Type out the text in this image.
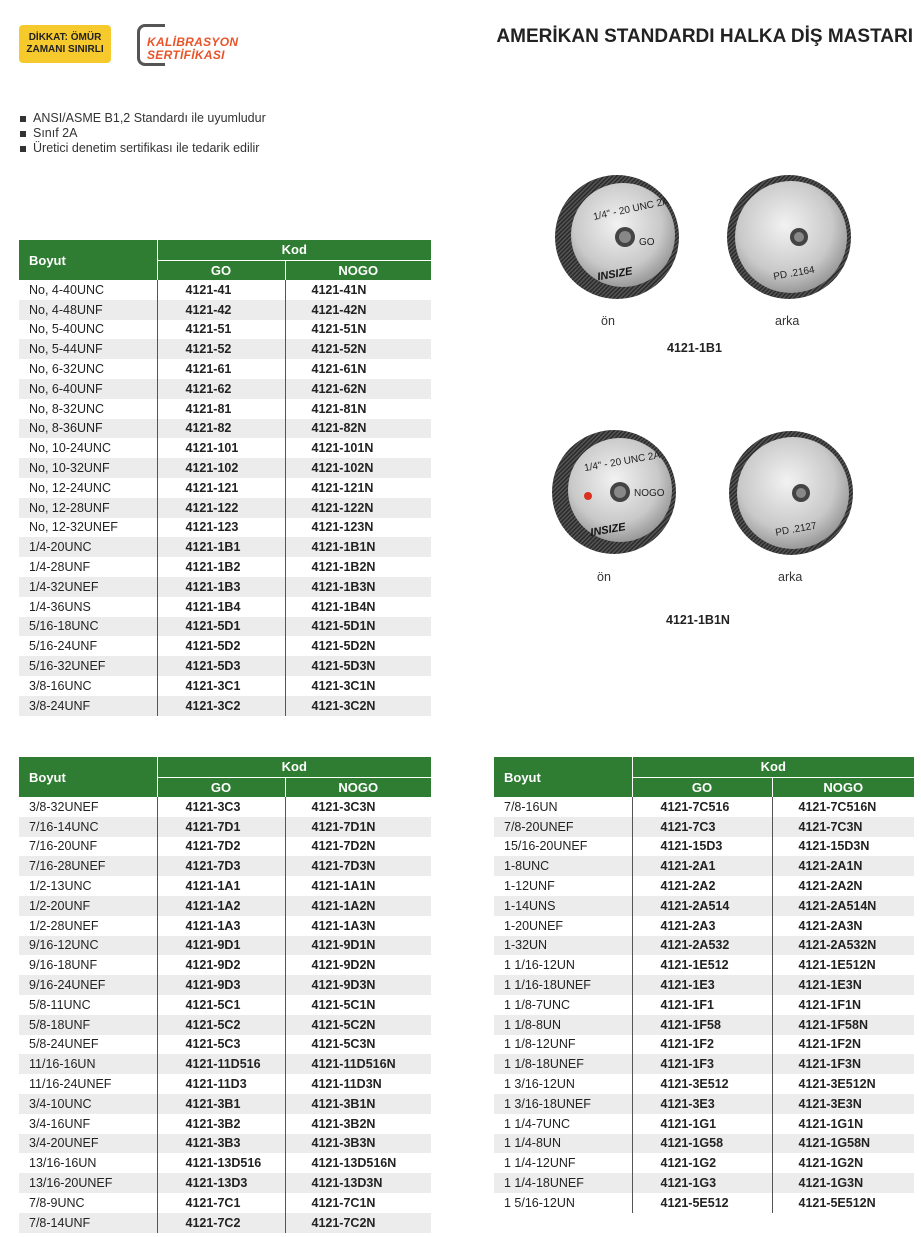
DİKKAT: ÖMÜR
ZAMANI SINIRLI
KALİBRASYON
SERTİFİKASI
AMERİKAN STANDARDI HALKA DİŞ MASTARI
ANSI/ASME B1,2 Standardı ile uyumludur
Sınıf 2A
Üretici denetim sertifikası ile tedarik edilir
Boyut	Kod	
	GO	NOGO
No, 4-40UNC	4121-41	4121-41N
No, 4-48UNF	4121-42	4121-42N
No, 5-40UNC	4121-51	4121-51N
No, 5-44UNF	4121-52	4121-52N
No, 6-32UNC	4121-61	4121-61N
No, 6-40UNF	4121-62	4121-62N
No, 8-32UNC	4121-81	4121-81N
No, 8-36UNF	4121-82	4121-82N
No, 10-24UNC	4121-101	4121-101N
No, 10-32UNF	4121-102	4121-102N
No, 12-24UNC	4121-121	4121-121N
No, 12-28UNF	4121-122	4121-122N
No, 12-32UNEF	4121-123	4121-123N
1/4-20UNC	4121-1B1	4121-1B1N
1/4-28UNF	4121-1B2	4121-1B2N
1/4-32UNEF	4121-1B3	4121-1B3N
1/4-36UNS	4121-1B4	4121-1B4N
5/16-18UNC	4121-5D1	4121-5D1N
5/16-24UNF	4121-5D2	4121-5D2N
5/16-32UNEF	4121-5D3	4121-5D3N
3/8-16UNC	4121-3C1	4121-3C1N
3/8-24UNF	4121-3C2	4121-3C2N
Boyut	Kod	
	GO	NOGO
3/8-32UNEF	4121-3C3	4121-3C3N
7/16-14UNC	4121-7D1	4121-7D1N
7/16-20UNF	4121-7D2	4121-7D2N
7/16-28UNEF	4121-7D3	4121-7D3N
1/2-13UNC	4121-1A1	4121-1A1N
1/2-20UNF	4121-1A2	4121-1A2N
1/2-28UNEF	4121-1A3	4121-1A3N
9/16-12UNC	4121-9D1	4121-9D1N
9/16-18UNF	4121-9D2	4121-9D2N
9/16-24UNEF	4121-9D3	4121-9D3N
5/8-11UNC	4121-5C1	4121-5C1N
5/8-18UNF	4121-5C2	4121-5C2N
5/8-24UNEF	4121-5C3	4121-5C3N
11/16-16UN	4121-11D516	4121-11D516N
11/16-24UNEF	4121-11D3	4121-11D3N
3/4-10UNC	4121-3B1	4121-3B1N
3/4-16UNF	4121-3B2	4121-3B2N
3/4-20UNEF	4121-3B3	4121-3B3N
13/16-16UN	4121-13D516	4121-13D516N
13/16-20UNEF	4121-13D3	4121-13D3N
7/8-9UNC	4121-7C1	4121-7C1N
7/8-14UNF	4121-7C2	4121-7C2N
Boyut	Kod	
	GO	NOGO
7/8-16UN	4121-7C516	4121-7C516N
7/8-20UNEF	4121-7C3	4121-7C3N
15/16-20UNEF	4121-15D3	4121-15D3N
1-8UNC	4121-2A1	4121-2A1N
1-12UNF	4121-2A2	4121-2A2N
1-14UNS	4121-2A514	4121-2A514N
1-20UNEF	4121-2A3	4121-2A3N
1-32UN	4121-2A532	4121-2A532N
1 1/16-12UN	4121-1E512	4121-1E512N
1 1/16-18UNEF	4121-1E3	4121-1E3N
1 1/8-7UNC	4121-1F1	4121-1F1N
1 1/8-8UN	4121-1F58	4121-1F58N
1 1/8-12UNF	4121-1F2	4121-1F2N
1 1/8-18UNEF	4121-1F3	4121-1F3N
1 3/16-12UN	4121-3E512	4121-3E512N
1 3/16-18UNEF	4121-3E3	4121-3E3N
1 1/4-7UNC	4121-1G1	4121-1G1N
1 1/4-8UN	4121-1G58	4121-1G58N
1 1/4-12UNF	4121-1G2	4121-1G2N
1 1/4-18UNEF	4121-1G3	4121-1G3N
1 5/16-12UN	4121-5E512	4121-5E512N
1/4" - 20 UNC 2A
GO
INSIZE	PD .2164
ön	arka
4121-1B1
1/4" - 20 UNC 2A
NOGO
INSIZE	PD .2127
ön	arka
4121-1B1N
